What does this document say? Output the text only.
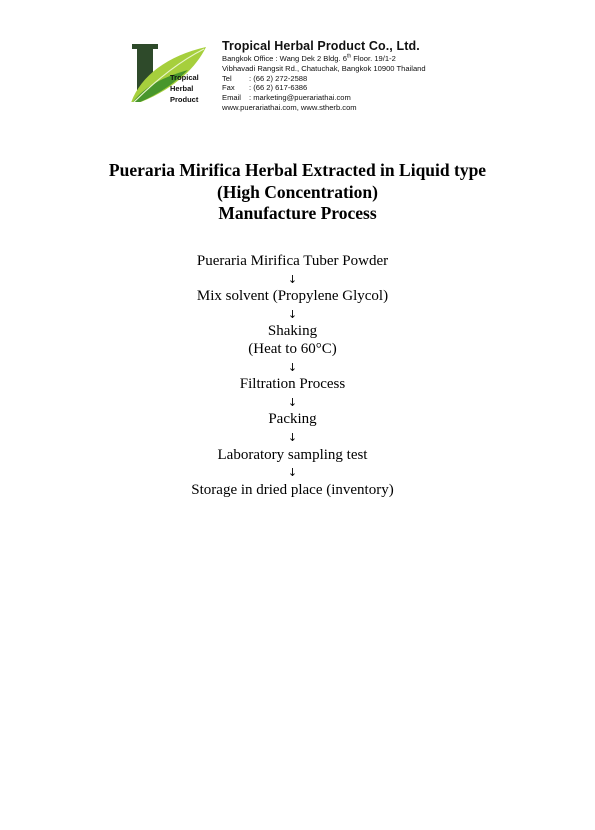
Tropical
Herbal
Product
Tropical Herbal Product Co., Ltd.
Bangkok Office : Wang Dek 2 Bldg. 6th Floor. 19/1-2
Vibhavadi Rangsit Rd., Chatuchak, Bangkok 10900 Thailand
Tel : (66 2) 272-2588
Fax : (66 2) 617-6386
Email : marketing@puerariathai.com
www.puerariathai.com, www.stherb.com
Pueraria Mirifica Herbal Extracted in Liquid type
(High Concentration)
Manufacture Process
Pueraria Mirifica Tuber Powder
↓
Mix solvent (Propylene Glycol)
↓
Shaking
(Heat to 60°C)
↓
Filtration Process
↓
Packing
↓
Laboratory sampling test
↓
Storage in dried place (inventory)
